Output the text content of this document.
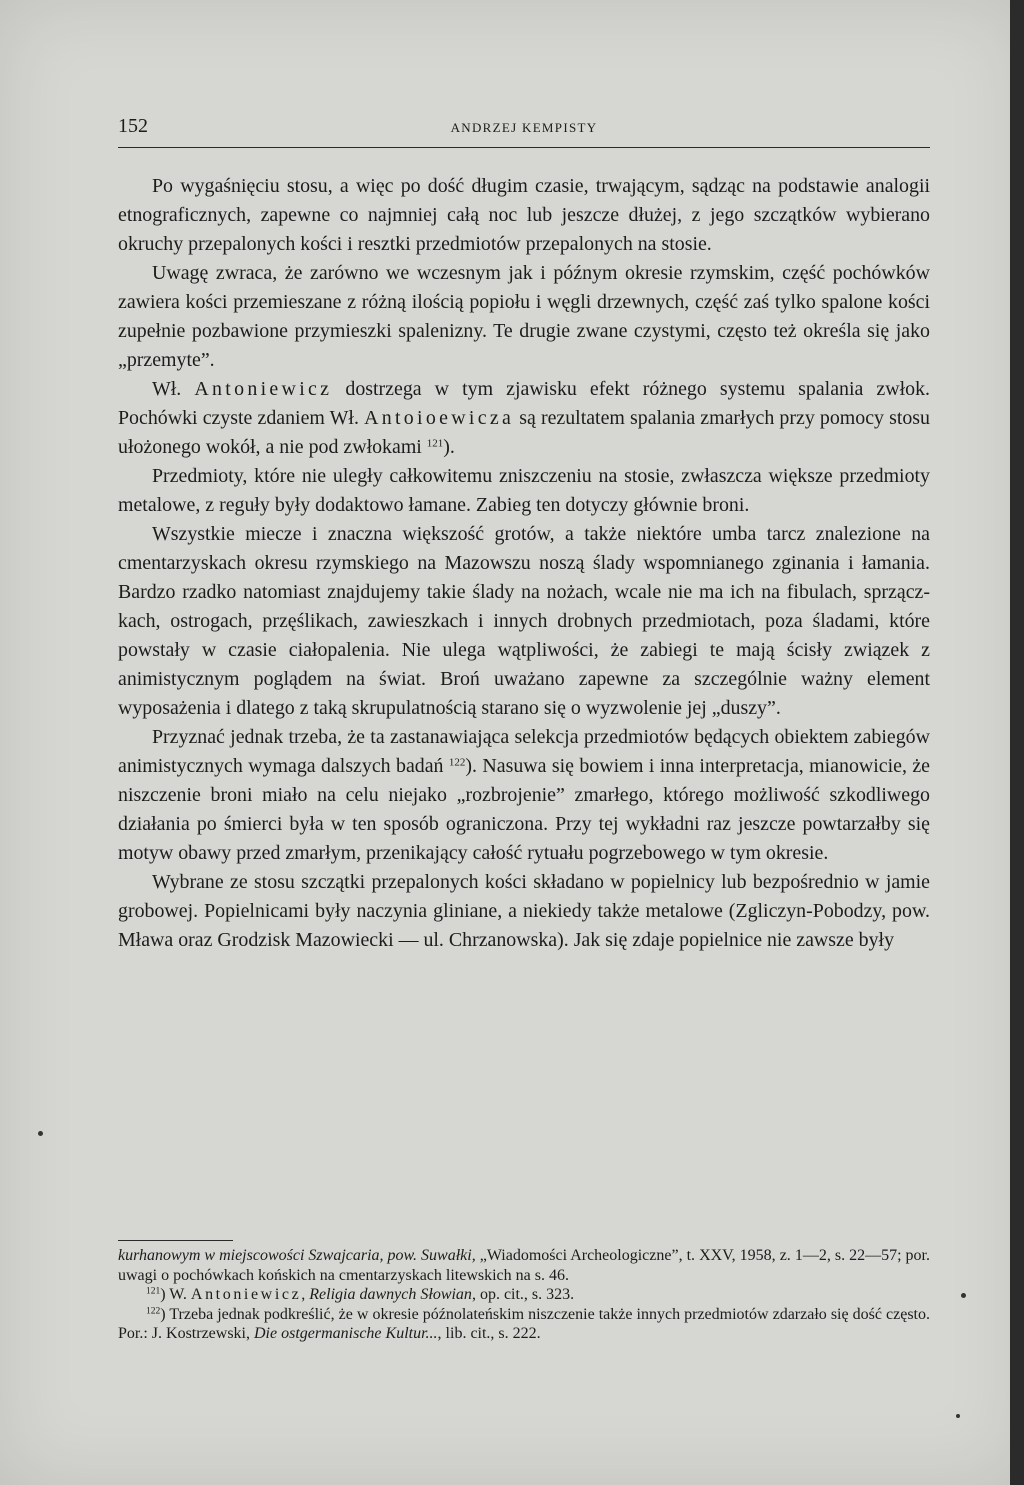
152	ANDRZEJ KEMPISTY

Po wygaśnięciu stosu, a więc po dość długim czasie, trwającym, sądząc na podstawie analogii etnograficznych, zapewne co najmniej całą noc lub jeszcze dłużej, z jego szczątków wybierano okruchy przepalonych kości i resztki przedmiotów przepalonych na stosie.

Uwagę zwraca, że zarówno we wczesnym jak i późnym okresie rzymskim, część pochówków zawiera kości przemieszane z różną ilością popiołu i węgli drzewnych, część zaś tylko spalone kości zupełnie pozbawione przymieszki spalenizny. Te drugie zwane czystymi, często też określa się jako „przemyte”.

Wł. Antoniewicz dostrzega w tym zjawisku efekt różnego systemu spalania zwłok. Pochówki czyste zdaniem Wł. Antoioewicza są rezultatem spalania zmarłych przy pomocy stosu ułożonego wokół, a nie pod zwłokami $^{121}$).

Przedmioty, które nie uległy całkowitemu zniszczeniu na stosie, zwłaszcza większe przedmioty metalowe, z reguły były dodaktowo łamane. Zabieg ten dotyczy głównie broni.

Wszystkie miecze i znaczna większość grotów, a także niektóre umba tarcz znalezione na cmentarzyskach okresu rzymskiego na Mazowszu noszą ślady wspomnianego zginania i łamania. Bardzo rzadko natomiast znajdujemy takie ślady na nożach, wcale nie ma ich na fibulach, sprzączkach, ostrogach, przęślikach, zawieszkach i innych drobnych przedmiotach, poza śladami, które powstały w czasie ciałopalenia. Nie ulega wątpliwości, że zabiegi te mają ścisły związek z animistycznym poglądem na świat. Broń uważano zapewne za szczególnie ważny element wyposażenia i dlatego z taką skrupulatnością starano się o wyzwolenie jej „duszy”.

Przyznać jednak trzeba, że ta zastanawiająca selekcja przedmiotów będących obiektem zabiegów animistycznych wymaga dalszych badań $^{122}$). Nasuwa się bowiem i inna interpretacja, mianowicie, że niszczenie broni miało na celu niejako „rozbrojenie” zmarłego, którego możliwość szkodliwego działania po śmierci była w ten sposób ograniczona. Przy tej wykładni raz jeszcze powtarzałby się motyw obawy przed zmarłym, przenikający całość rytuału pogrzebowego w tym okresie.

Wybrane ze stosu szczątki przepalonych kości składano w popielnicy lub bezpośrednio w jamie grobowej. Popielnicami były naczynia gliniane, a niekiedy także metalowe (Zgliczyn-Pobodzy, pow. Mława oraz Grodzisk Mazowiecki — ul. Chrzanowska). Jak się zdaje popielnice nie zawsze były

kurhanowym w miejscowości Szwajcaria, pow. Suwałki, „Wiadomości Archeologiczne”, t. XXV, 1958, z. 1—2, s. 22—57; por. uwagi o pochówkach końskich na cmentarzyskach litewskich na s. 46.

$^{121}$) W. Antoniewicz, Religia dawnych Słowian, op. cit., s. 323.

$^{122}$) Trzeba jednak podkreślić, że w okresie późnolateńskim niszczenie także innych przedmiotów zdarzało się dość często. Por.: J. Kostrzewski, Die ostgermanische Kultur..., lib. cit., s. 222.
